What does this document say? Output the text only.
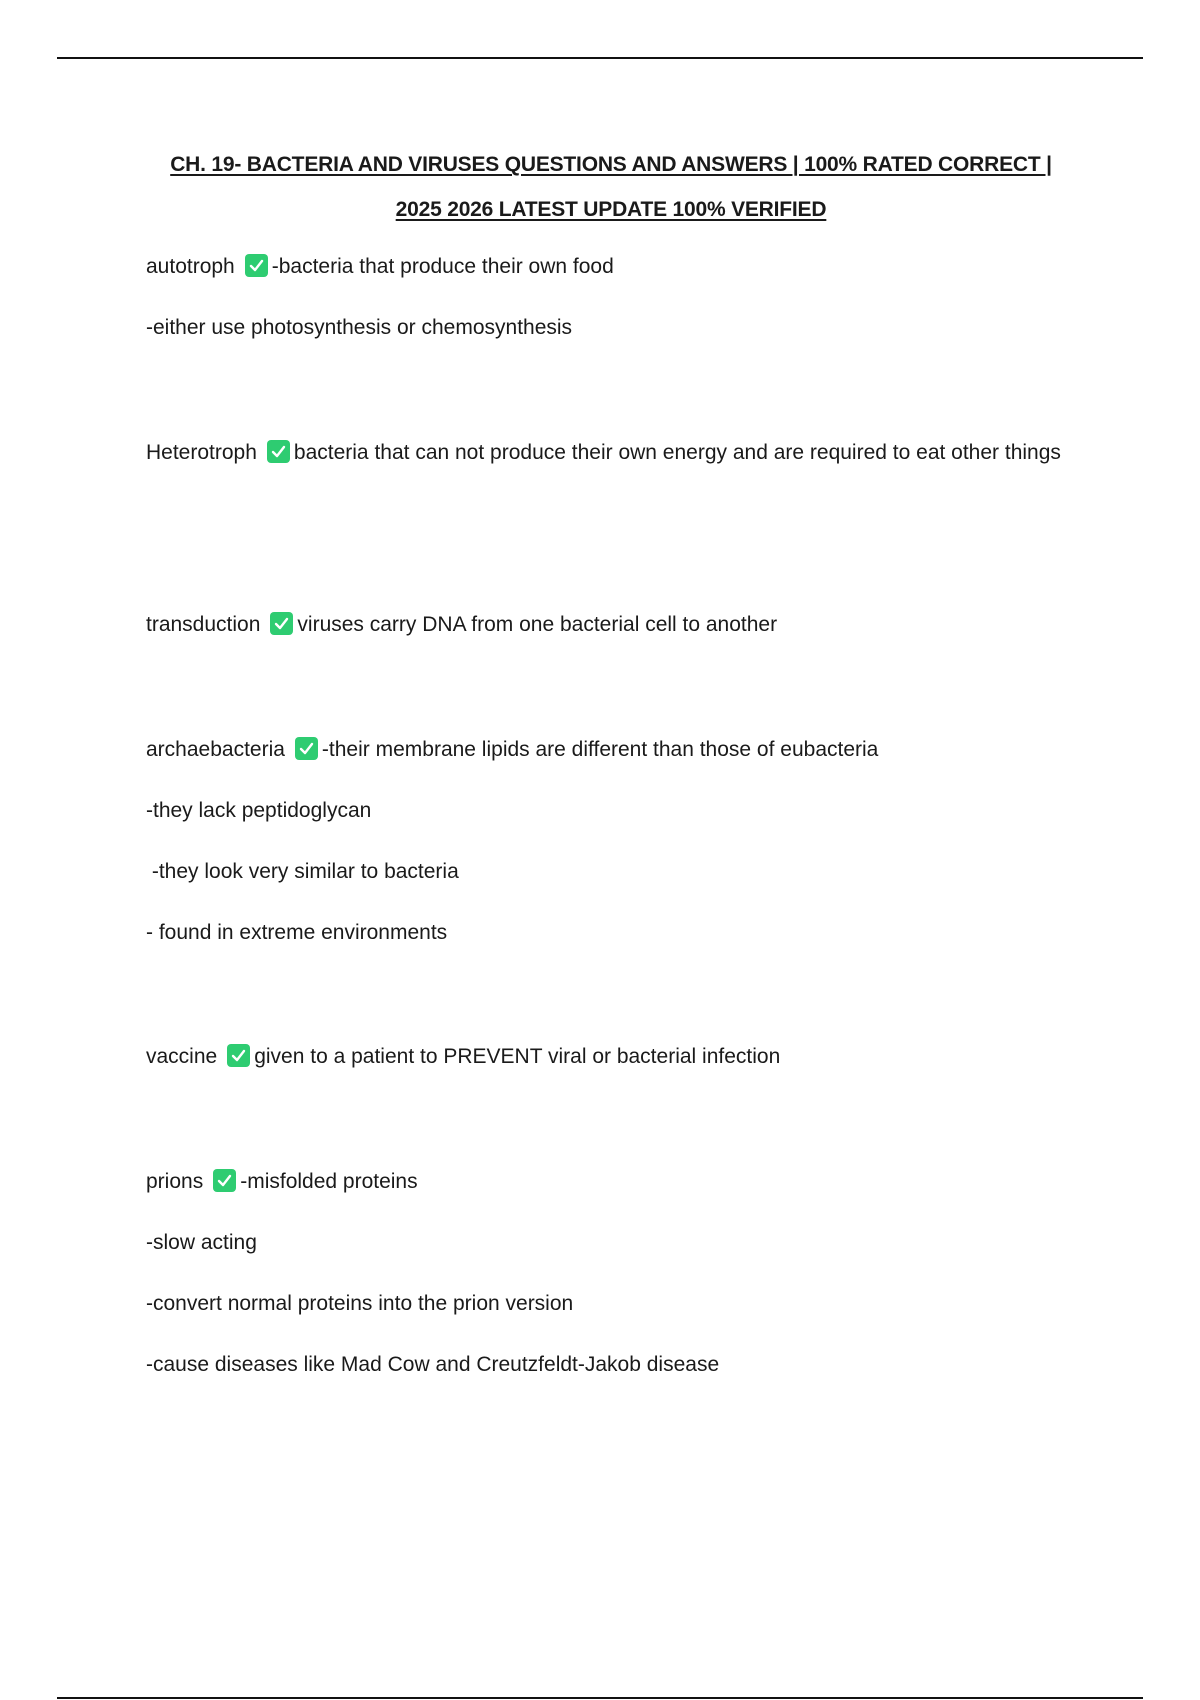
CH. 19- BACTERIA AND VIRUSES QUESTIONS AND ANSWERS | 100% RATED CORRECT | 2025 2026 LATEST UPDATE 100% VERIFIED
autotroph -bacteria that produce their own food
-either use photosynthesis or chemosynthesis
Heterotroph bacteria that can not produce their own energy and are required to eat other things
transduction viruses carry DNA from one bacterial cell to another
archaebacteria -their membrane lipids are different than those of eubacteria
-they lack peptidoglycan
-they look very similar to bacteria
- found in extreme environments
vaccine given to a patient to PREVENT viral or bacterial infection
prions -misfolded proteins
-slow acting
-convert normal proteins into the prion version
-cause diseases like Mad Cow and Creutzfeldt-Jakob disease
